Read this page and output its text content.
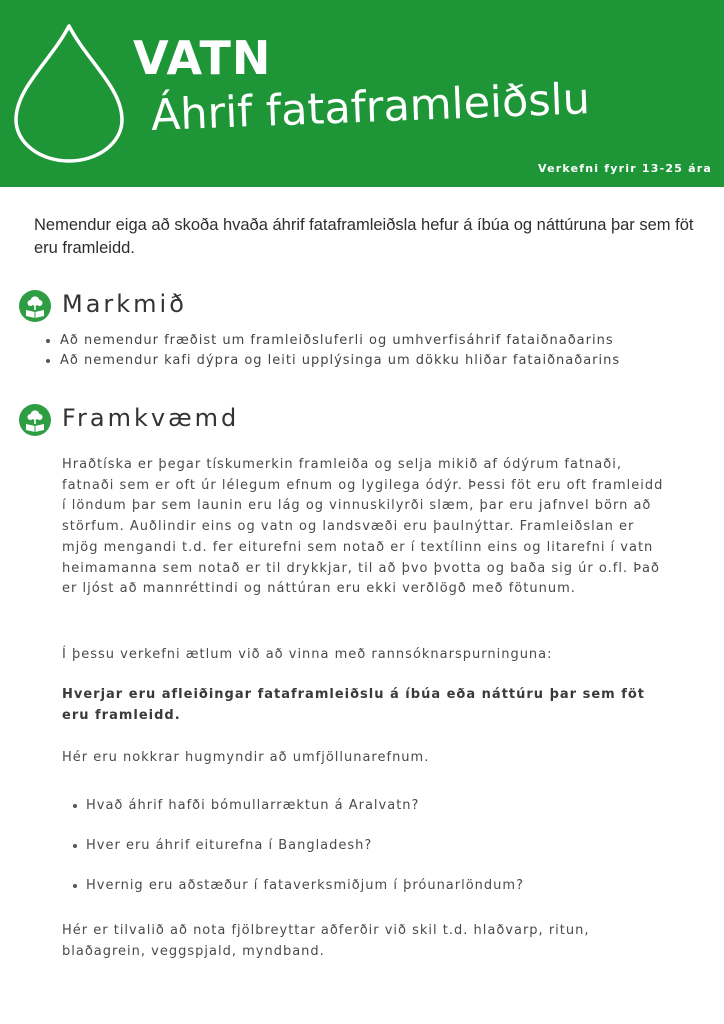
VATN
Áhrif fataframleiðslu

Verkefni fyrir 13-25 ára

Nemendur eiga að skoða hvaða áhrif fataframleiðsla hefur á íbúa og náttúruna þar sem föt eru framleidd.

Markmið
Að nemendur fræðist um framleiðsluferli og umhverfisáhrif fataiðnaðarins
Að nemendur kafi dýpra og leiti upplýsinga um dökku hliðar fataiðnaðarins
Framkvæmd

Hraðtíska er þegar tískumerkin framleiða og selja mikið af ódýrum fatnaði, fatnaði sem er oft úr lélegum efnum og lygilega ódýr. Þessi föt eru oft framleidd í löndum þar sem launin eru lág og vinnuskilyrði slæm, þar eru jafnvel börn að störfum. Auðlindir eins og vatn og landsvæði eru þaulnýttar. Framleiðslan er mjög mengandi t.d. fer eiturefni sem notað er í textílinn eins og litarefni í vatn heimamanna sem notað er til drykkjar, til að þvo þvotta og baða sig úr o.fl. Það er ljóst að mannréttindi og náttúran eru ekki verðlögð með fötunum.

Í þessu verkefni ætlum við að vinna með rannsóknarspurninguna:

Hverjar eru afleiðingar fataframleiðslu á íbúa eða náttúru þar sem föt eru framleidd.

Hér eru nokkrar hugmyndir að umfjöllunarefnum.

Hvað áhrif hafði bómullarræktun á Aralvatn?
Hver eru áhrif eiturefna í Bangladesh?
Hvernig eru aðstæður í fataverksmiðjum í þróunarlöndum?

Hér er tilvalið að nota fjölbreyttar aðferðir við skil t.d. hlaðvarp, ritun, blaðagrein, veggspjald, myndband.
